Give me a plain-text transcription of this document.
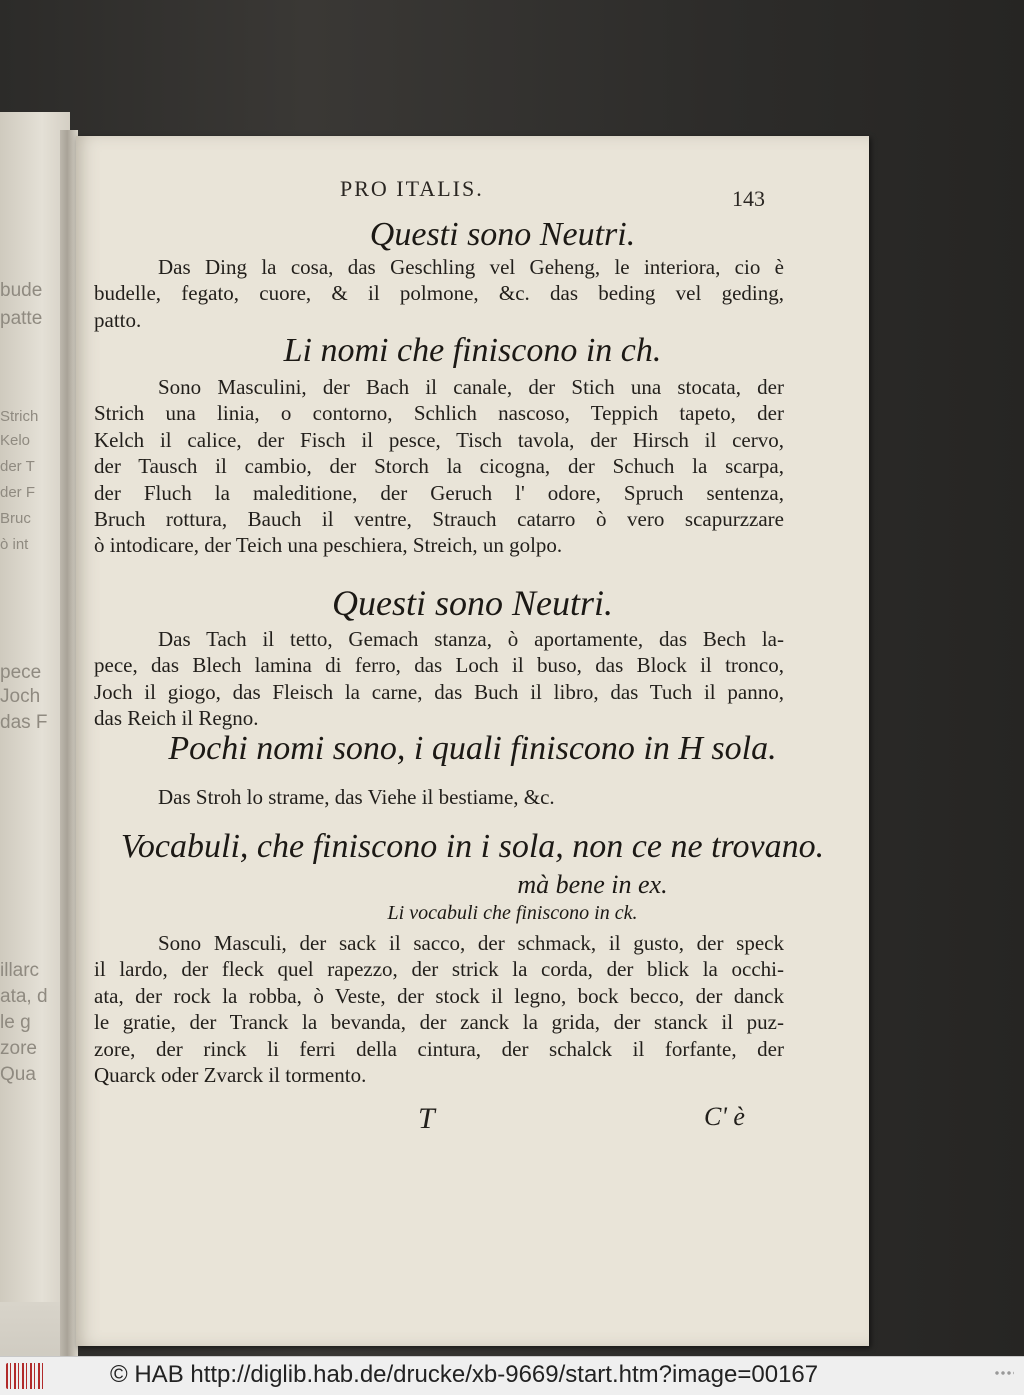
bude
patte
Strich
Kelo
der T
der F
Bruc
ò int
pece
Joch
das F
illarc
ata, d
le g
zore
Qua
PRO ITALIS.	143
Questi sono Neutri.
Das Ding la cosa, das Geschling vel Geheng, le interiora, cio è
budelle, fegato, cuore, & il polmone, &c. das beding vel geding,
patto.
Li nomi che finiscono in ch.
Sono Masculini, der Bach il canale, der Stich una stocata, der
Strich una linia, o contorno, Schlich nascoso, Teppich tapeto, der
Kelch il calice, der Fisch il pesce, Tisch tavola, der Hirsch il cervo,
der Tausch il cambio, der Storch la cicogna, der Schuch la scarpa,
der Fluch la maleditione, der Geruch l' odore, Spruch sentenza,
Bruch rottura, Bauch il ventre, Strauch catarro ò vero scapurzzare
ò intodicare, der Teich una peschiera, Streich, un golpo.
Questi sono Neutri.
Das Tach il tetto, Gemach stanza, ò aportamente, das Bech la-
pece, das Blech lamina di ferro, das Loch il buso, das Block il tronco,
Joch il giogo, das Fleisch la carne, das Buch il libro, das Tuch il panno,
das Reich il Regno.
Pochi nomi sono, i quali finiscono in H sola.
Das Stroh lo strame, das Viehe il bestiame, &c.
Vocabuli, che finiscono in i sola, non ce ne trovano.
mà bene in ex.
Li vocabuli che finiscono in ck.
Sono Masculi, der sack il sacco, der schmack, il gusto, der speck
il lardo, der fleck quel rapezzo, der strick la corda, der blick la occhi-
ata, der rock la robba, ò Veste, der stock il legno, bock becco, der danck
le gratie, der Tranck la bevanda, der zanck la grida, der stanck il puz-
zore, der rinck li ferri della cintura, der schalck il forfante, der
Quarck oder Zvarck il tormento.
T	C' è
© HAB http://diglib.hab.de/drucke/xb-9669/start.htm?image=00167
